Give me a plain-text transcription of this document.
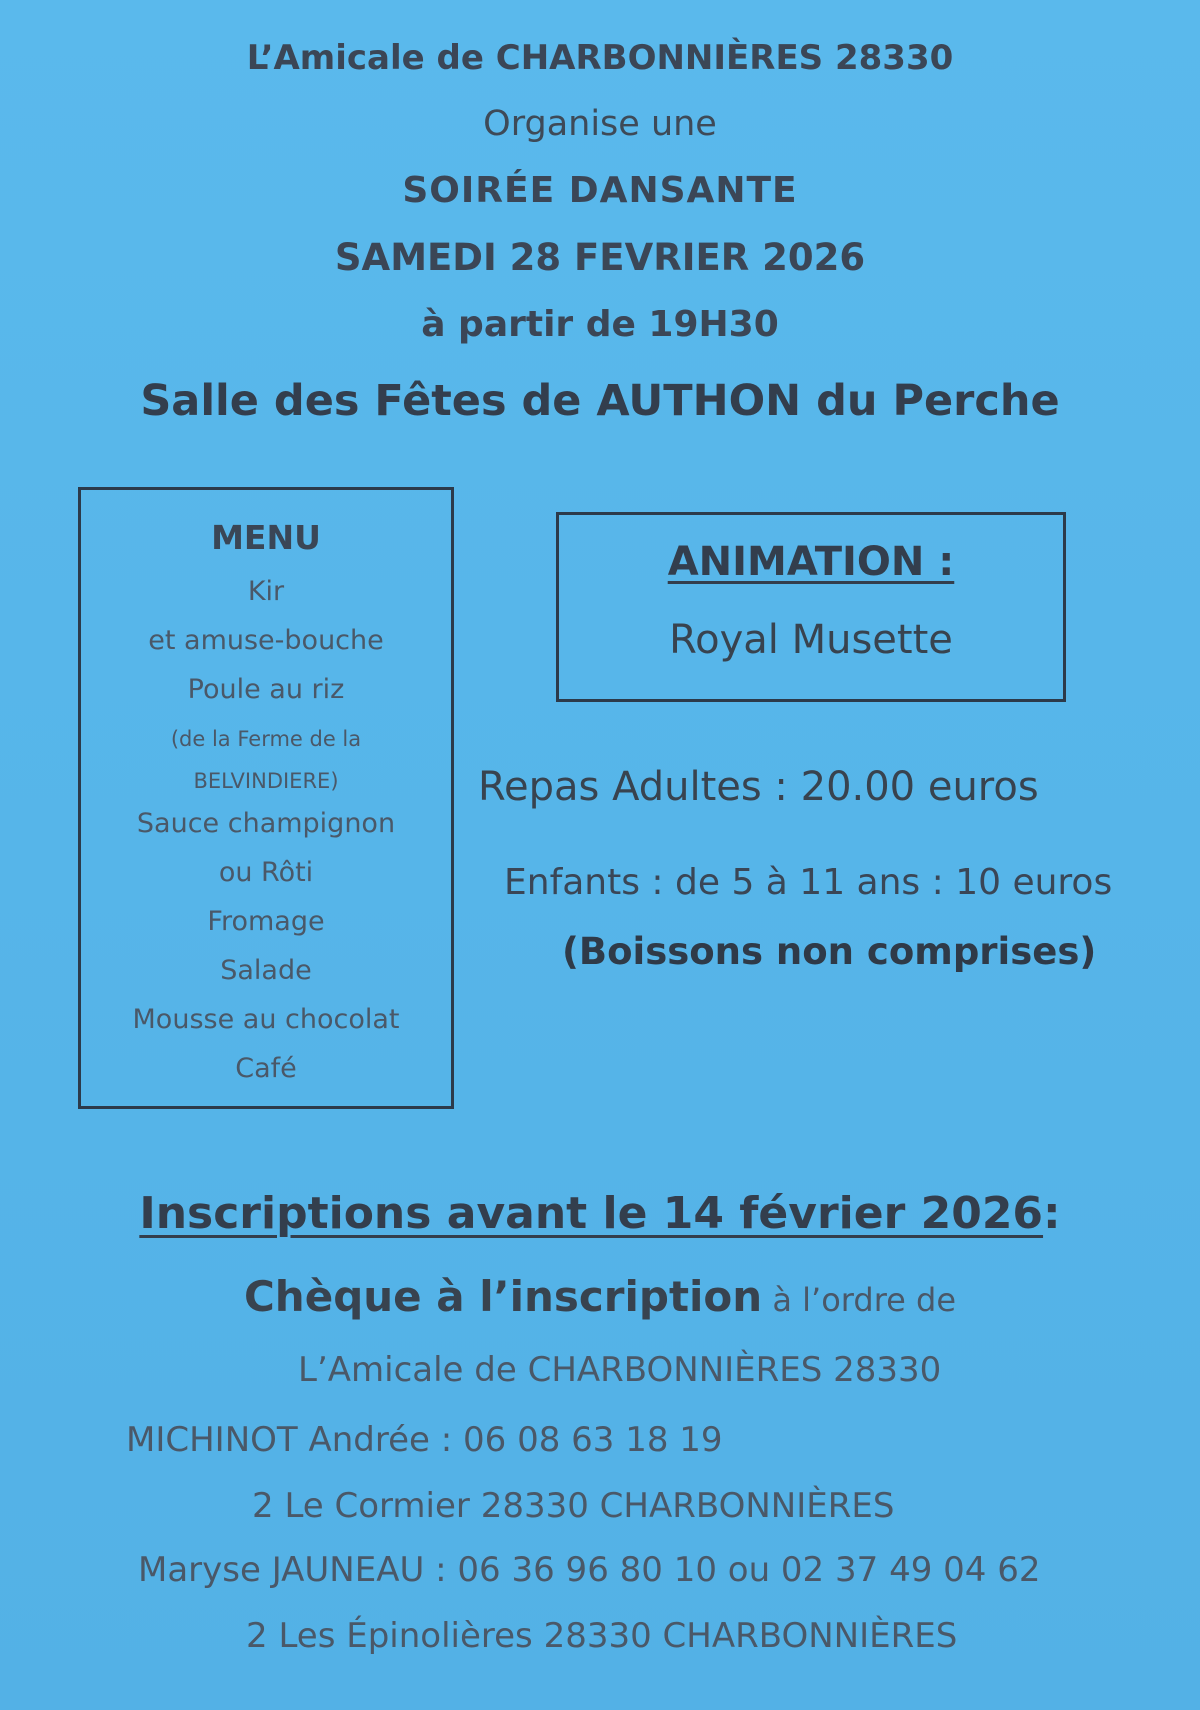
L’Amicale de CHARBONNIÈRES 28330
Organise une
SOIRÉE DANSANTE
SAMEDI 28 FEVRIER 2026
à partir de 19H30
Salle des Fêtes de AUTHON du Perche
MENU
Kir
et amuse-bouche
Poule au riz
(de la Ferme de la
BELVINDIERE)
Sauce champignon
ou Rôti
Fromage
Salade
Mousse au chocolat
Café
ANIMATION :
Royal Musette
Repas Adultes : 20.00 euros
Enfants : de 5 à 11 ans : 10 euros
(Boissons non comprises)
Inscriptions avant le 14 février 2026:
Chèque à l’inscription à l’ordre de
L’Amicale de CHARBONNIÈRES 28330
MICHINOT Andrée : 06 08 63 18 19
2 Le Cormier 28330 CHARBONNIÈRES
Maryse JAUNEAU : 06 36 96 80 10 ou 02 37 49 04 62
2 Les Épinolières 28330 CHARBONNIÈRES
